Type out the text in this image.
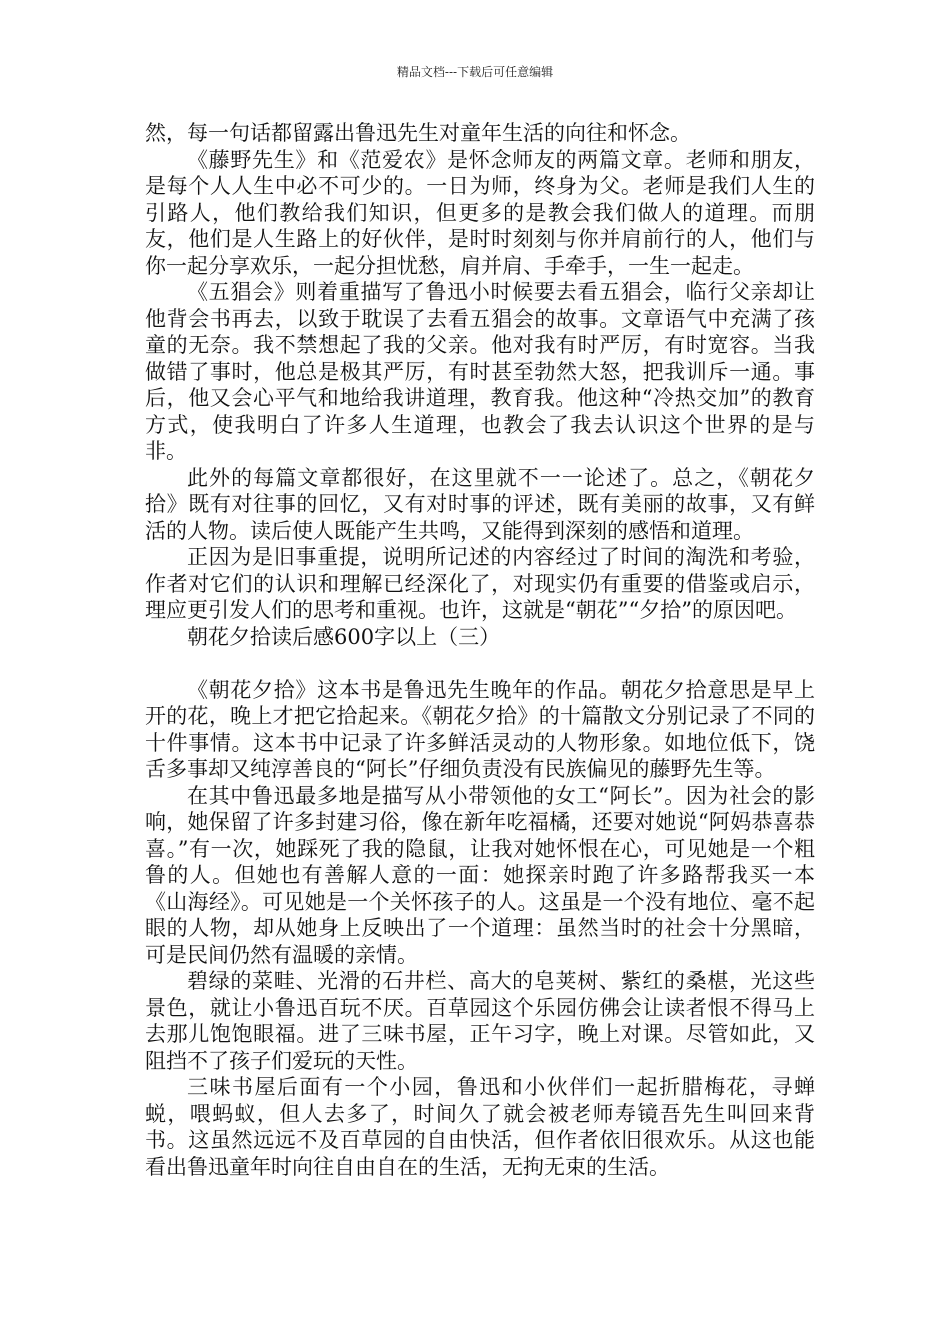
精品文档---下载后可任意编辑

然，每一句话都留露出鲁迅先生对童年生活的向往和怀念。

《藤野先生》和《范爱农》是怀念师友的两篇文章。老师和朋友，是每个人人生中必不可少的。一日为师，终身为父。老师是我们人生的引路人，他们教给我们知识，但更多的是教会我们做人的道理。而朋友，他们是人生路上的好伙伴，是时时刻刻与你并肩前行的人，他们与你一起分享欢乐，一起分担忧愁，肩并肩、手牵手，一生一起走。

《五猖会》则着重描写了鲁迅小时候要去看五猖会，临行父亲却让他背会书再去，以致于耽误了去看五猖会的故事。文章语气中充满了孩童的无奈。我不禁想起了我的父亲。他对我有时严厉，有时宽容。当我做错了事时，他总是极其严厉，有时甚至勃然大怒，把我训斥一通。事后，他又会心平气和地给我讲道理，教育我。他这种“冷热交加”的教育方式，使我明白了许多人生道理，也教会了我去认识这个世界的是与非。

此外的每篇文章都很好，在这里就不一一论述了。总之，《朝花夕拾》既有对往事的回忆，又有对时事的评述，既有美丽的故事，又有鲜活的人物。读后使人既能产生共鸣，又能得到深刻的感悟和道理。

正因为是旧事重提，说明所记述的内容经过了时间的淘洗和考验，作者对它们的认识和理解已经深化了，对现实仍有重要的借鉴或启示，理应更引发人们的思考和重视。也许，这就是“朝花”“夕拾”的原因吧。

朝花夕拾读后感600字以上（三）

《朝花夕拾》这本书是鲁迅先生晚年的作品。朝花夕拾意思是早上开的花，晚上才把它拾起来。《朝花夕拾》的十篇散文分别记录了不同的十件事情。这本书中记录了许多鲜活灵动的人物形象。如地位低下，饶舌多事却又纯淳善良的“阿长”仔细负责没有民族偏见的藤野先生等。

在其中鲁迅最多地是描写从小带领他的女工“阿长”。因为社会的影响，她保留了许多封建习俗，像在新年吃福橘，还要对她说“阿妈恭喜恭喜。”有一次，她踩死了我的隐鼠，让我对她怀恨在心，可见她是一个粗鲁的人。但她也有善解人意的一面：她探亲时跑了许多路帮我买一本《山海经》。可见她是一个关怀孩子的人。这虽是一个没有地位、毫不起眼的人物，却从她身上反映出了一个道理：虽然当时的社会十分黑暗，可是民间仍然有温暖的亲情。

碧绿的菜畦、光滑的石井栏、高大的皂荚树、紫红的桑椹，光这些景色，就让小鲁迅百玩不厌。百草园这个乐园仿佛会让读者恨不得马上去那儿饱饱眼福。进了三味书屋，正午习字，晚上对课。尽管如此，又阻挡不了孩子们爱玩的天性。

三味书屋后面有一个小园，鲁迅和小伙伴们一起折腊梅花，寻蝉蜕，喂蚂蚁，但人去多了，时间久了就会被老师寿镜吾先生叫回来背书。这虽然远远不及百草园的自由快活，但作者依旧很欢乐。从这也能看出鲁迅童年时向往自由自在的生活，无拘无束的生活。
